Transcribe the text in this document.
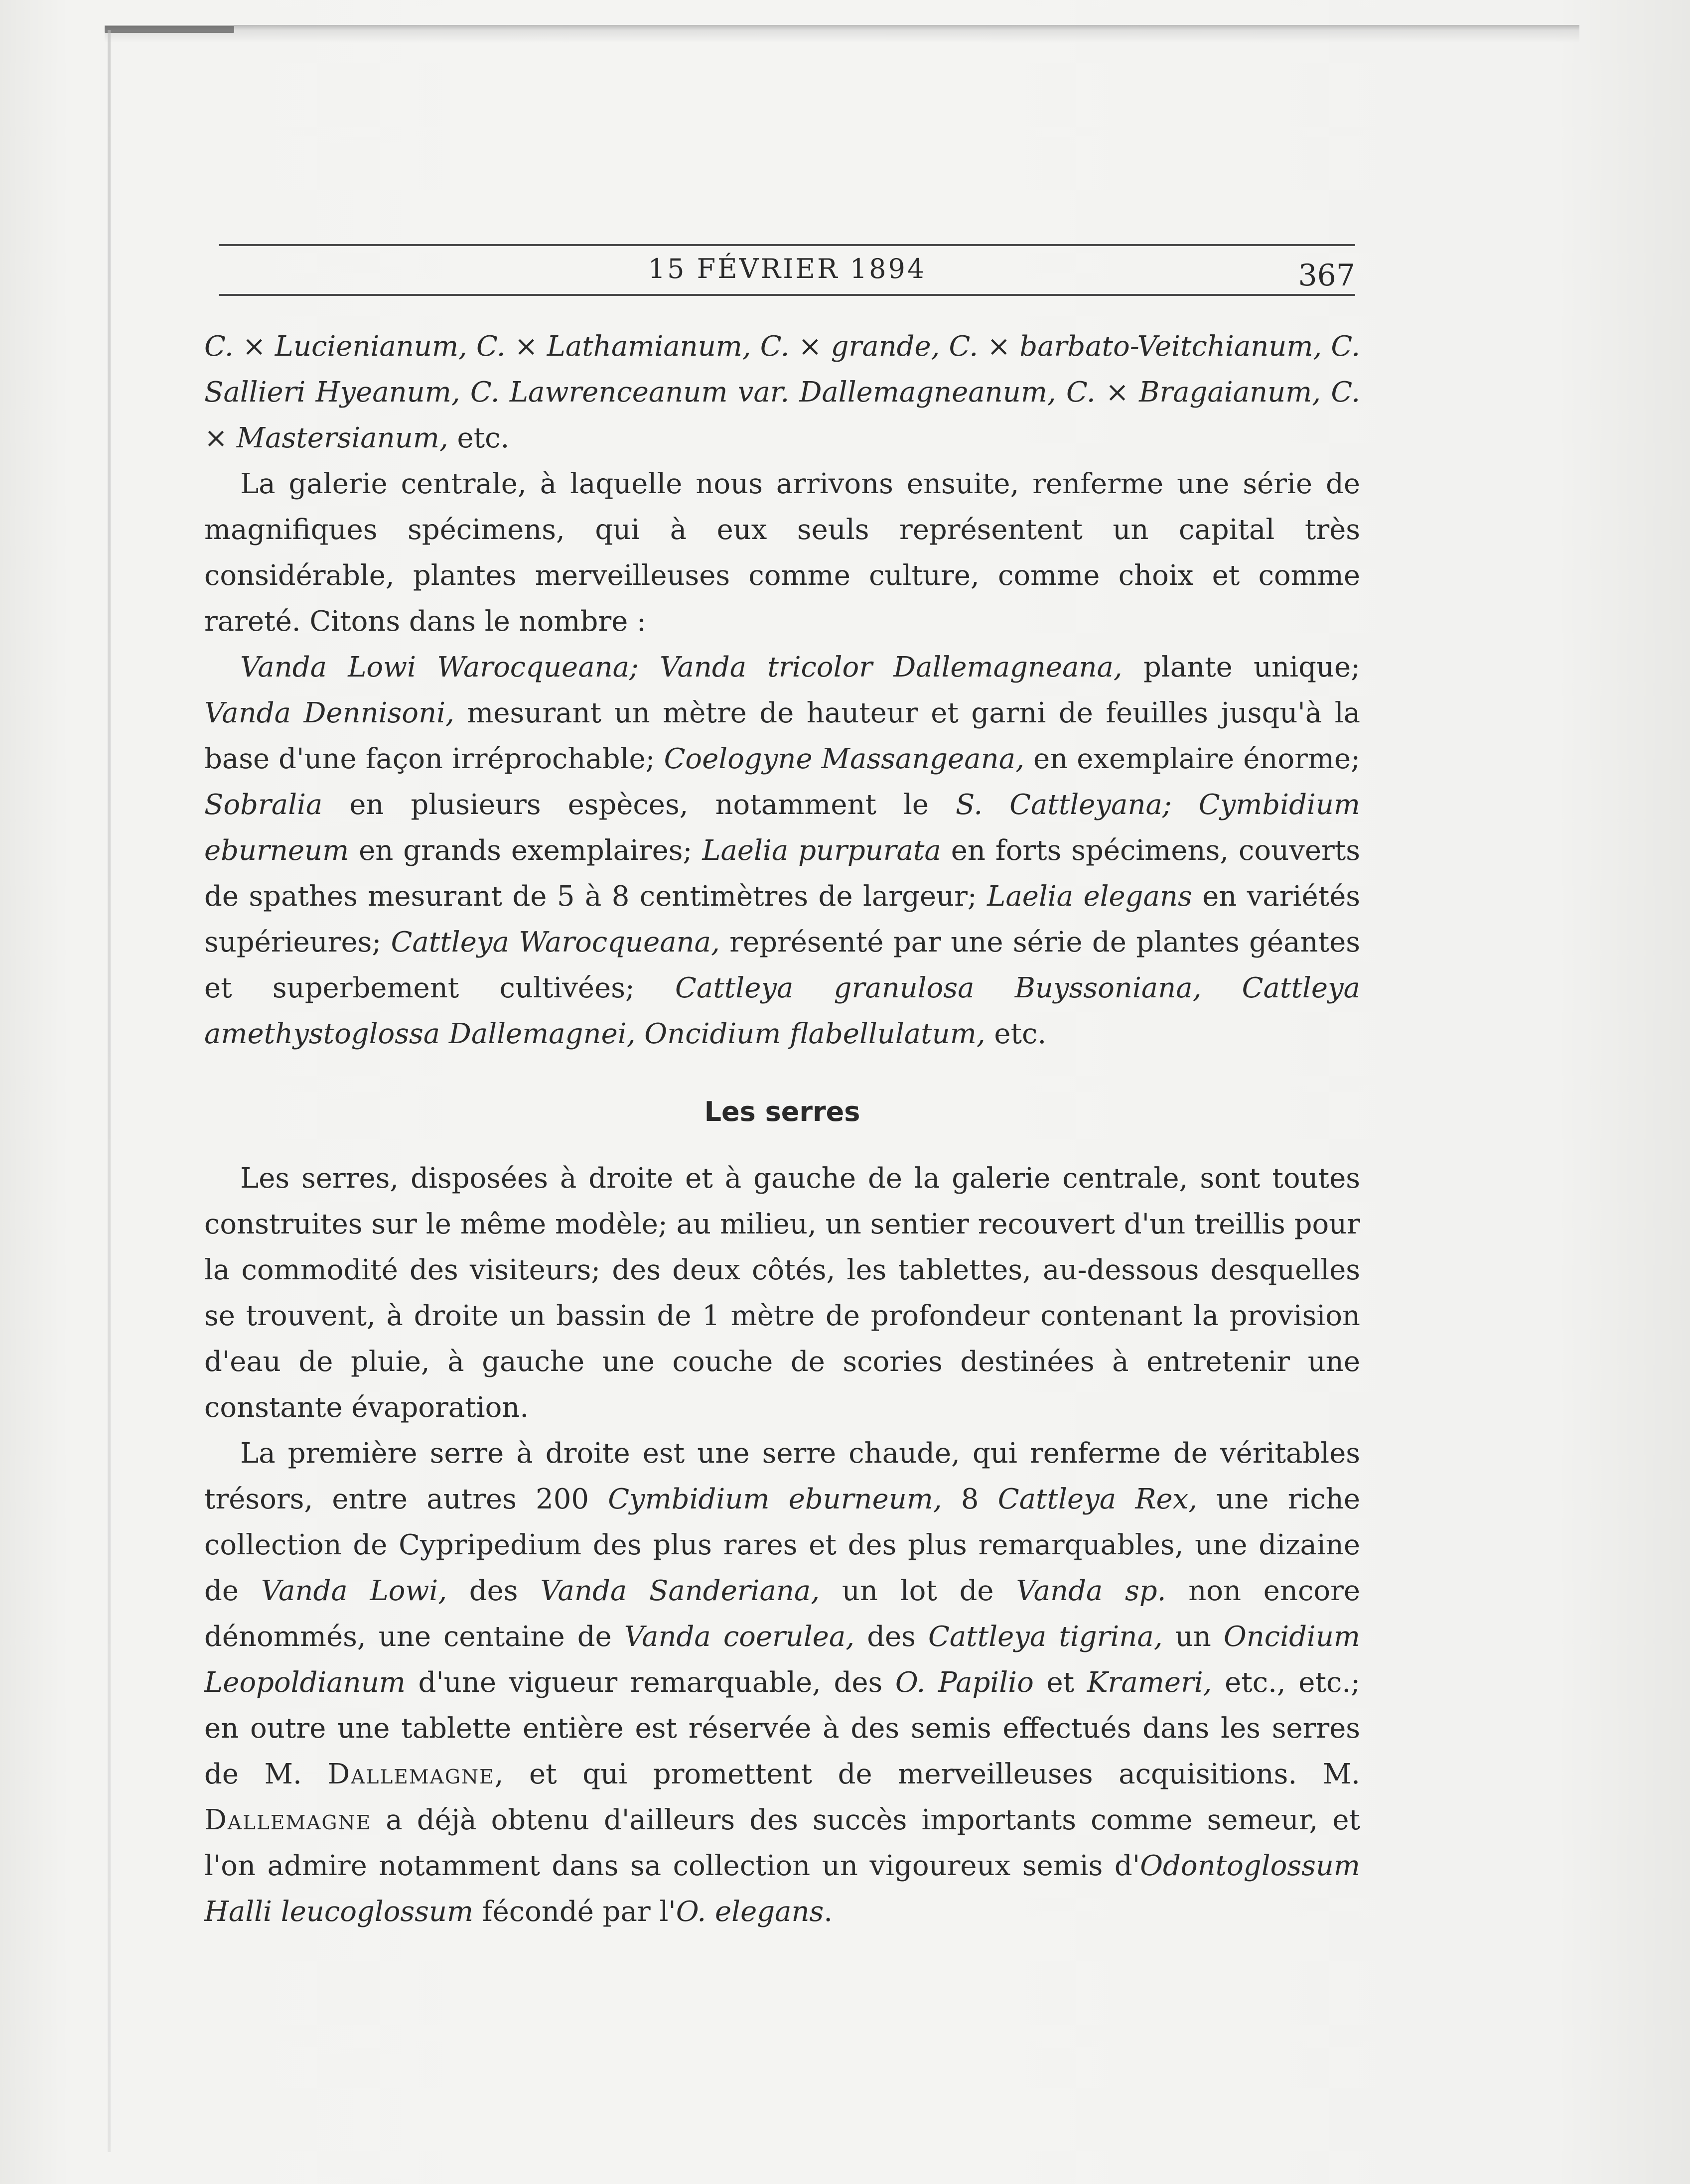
15 FÉVRIER 1894	367

C. × Lucienianum, C. × Lathamianum, C. × grande, C. × barbato-Veitchianum, C. Sallieri Hyeanum, C. Lawrenceanum var. Dallemagneanum, C. × Bragaianum, C. × Mastersianum, etc.

La galerie centrale, à laquelle nous arrivons ensuite, renferme une série de magnifiques spécimens, qui à eux seuls représentent un capital très considérable, plantes merveilleuses comme culture, comme choix et comme rareté. Citons dans le nombre :

Vanda Lowi Warocqueana; Vanda tricolor Dallemagneana, plante unique; Vanda Dennisoni, mesurant un mètre de hauteur et garni de feuilles jusqu'à la base d'une façon irréprochable; Coelogyne Massangeana, en exemplaire énorme; Sobralia en plusieurs espèces, notamment le S. Cattleyana; Cymbidium eburneum en grands exemplaires; Laelia purpurata en forts spécimens, couverts de spathes mesurant de 5 à 8 centimètres de largeur; Laelia elegans en variétés supérieures; Cattleya Warocqueana, représenté par une série de plantes géantes et superbement cultivées; Cattleya granulosa Buyssoniana, Cattleya amethystoglossa Dallemagnei, Oncidium flabellulatum, etc.

Les serres

Les serres, disposées à droite et à gauche de la galerie centrale, sont toutes construites sur le même modèle; au milieu, un sentier recouvert d'un treillis pour la commodité des visiteurs; des deux côtés, les tablettes, au-dessous desquelles se trouvent, à droite un bassin de 1 mètre de profondeur contenant la provision d'eau de pluie, à gauche une couche de scories destinées à entretenir une constante évaporation.

La première serre à droite est une serre chaude, qui renferme de véritables trésors, entre autres 200 Cymbidium eburneum, 8 Cattleya Rex, une riche collection de Cypripedium des plus rares et des plus remarquables, une dizaine de Vanda Lowi, des Vanda Sanderiana, un lot de Vanda sp. non encore dénommés, une centaine de Vanda coerulea, des Cattleya tigrina, un Oncidium Leopoldianum d'une vigueur remarquable, des O. Papilio et Krameri, etc., etc.; en outre une tablette entière est réservée à des semis effectués dans les serres de M. Dallemagne, et qui promettent de merveilleuses acquisitions. M. Dallemagne a déjà obtenu d'ailleurs des succès importants comme semeur, et l'on admire notamment dans sa collection un vigoureux semis d'Odontoglossum Halli leucoglossum fécondé par l'O. elegans.
